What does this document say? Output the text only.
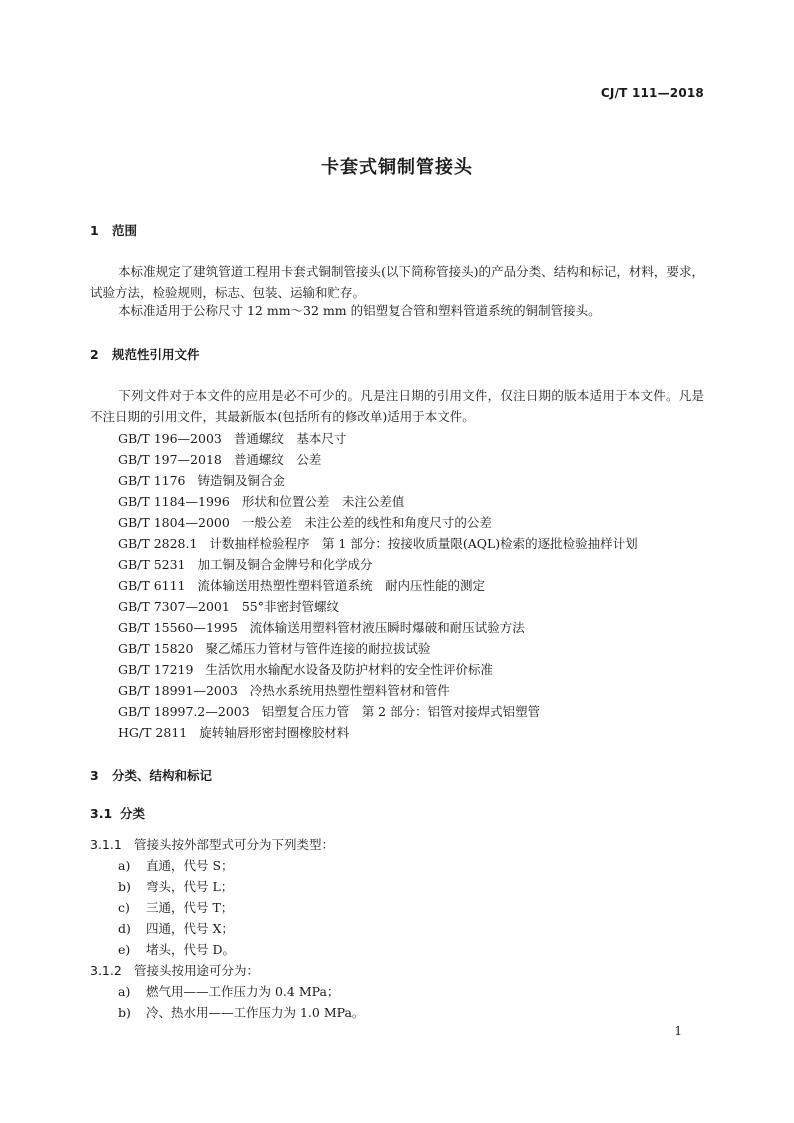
CJ/T 111—2018
卡套式铜制管接头
1 范围
本标准规定了建筑管道工程用卡套式铜制管接头(以下简称管接头)的产品分类、结构和标记，材料，要求，试验方法，检验规则，标志、包装、运输和贮存。
本标准适用于公称尺寸 12 mm～32 mm 的铝塑复合管和塑料管道系统的铜制管接头。
2 规范性引用文件
下列文件对于本文件的应用是必不可少的。凡是注日期的引用文件，仅注日期的版本适用于本文件。凡是不注日期的引用文件，其最新版本(包括所有的修改单)适用于本文件。
GB/T 196—2003 普通螺纹　基本尺寸
GB/T 197—2018 普通螺纹　公差
GB/T 1176 铸造铜及铜合金
GB/T 1184—1996 形状和位置公差　未注公差值
GB/T 1804—2000 一般公差　未注公差的线性和角度尺寸的公差
GB/T 2828.1 计数抽样检验程序　第 1 部分：按接收质量限(AQL)检索的逐批检验抽样计划
GB/T 5231 加工铜及铜合金牌号和化学成分
GB/T 6111 流体输送用热塑性塑料管道系统　耐内压性能的测定
GB/T 7307—2001 55°非密封管螺纹
GB/T 15560—1995 流体输送用塑料管材液压瞬时爆破和耐压试验方法
GB/T 15820 聚乙烯压力管材与管件连接的耐拉拔试验
GB/T 17219 生活饮用水输配水设备及防护材料的安全性评价标准
GB/T 18991—2003 冷热水系统用热塑性塑料管材和管件
GB/T 18997.2—2003 铝塑复合压力管　第 2 部分：铝管对接焊式铝塑管
HG/T 2811 旋转轴唇形密封圈橡胶材料
3 分类、结构和标记
3.1 分类
3.1.1 管接头按外部型式可分为下列类型：
a) 直通，代号 S；
b) 弯头，代号 L；
c) 三通，代号 T；
d) 四通，代号 X；
e) 堵头，代号 D。
3.1.2 管接头按用途可分为：
a) 燃气用——工作压力为 0.4 MPa；
b) 冷、热水用——工作压力为 1.0 MPa。
1
